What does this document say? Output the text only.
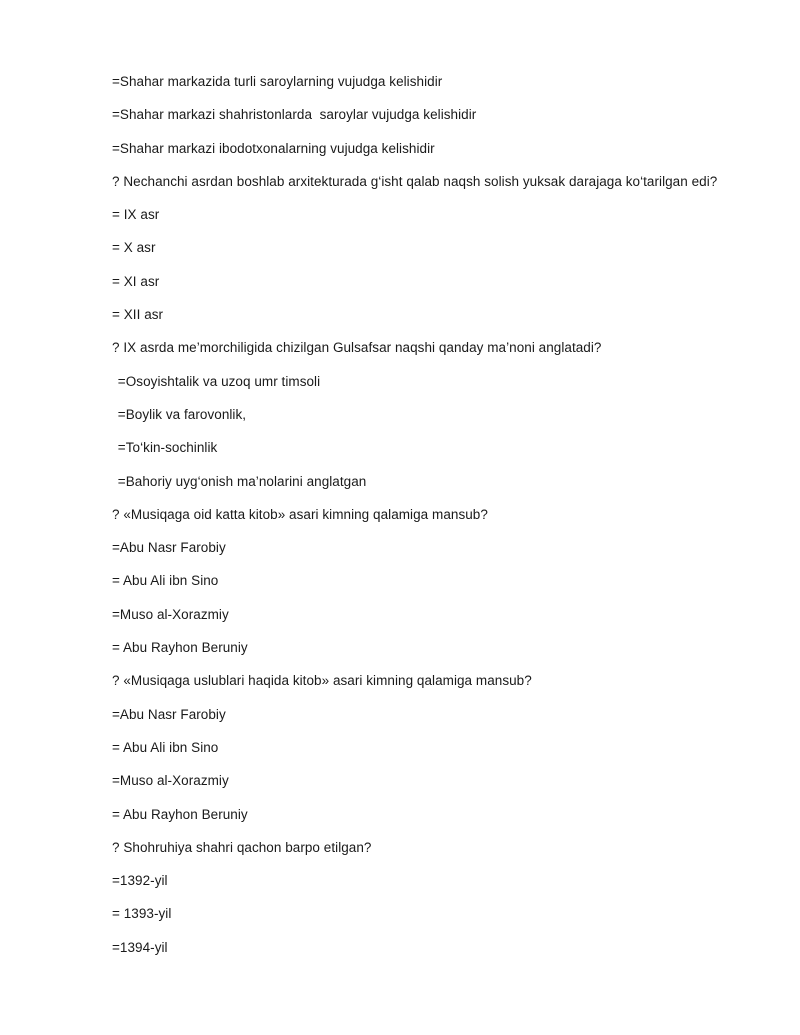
=Shahar markazida turli saroylarning vujudga kelishidir
=Shahar markazi shahristonlarda  saroylar vujudga kelishidir
=Shahar markazi ibodotxonalarning vujudga kelishidir
? Nechanchi asrdan boshlab arxitekturada g‘isht qalab naqsh solish yuksak darajaga ko‘tarilgan edi?
= IX asr
= X asr
= XI asr
= XII asr
? IX asrda me’morchiligida chizilgan Gulsafsar naqshi qanday ma’noni anglatadi?
=Osoyishtalik va uzoq umr timsoli
=Boylik va farovonlik,
=To‘kin-sochinlik
=Bahoriy uyg‘onish ma’nolarini anglatgan
? «Musiqaga oid katta kitob» asari kimning qalamiga mansub?
=Abu Nasr Farobiy
= Abu Ali ibn Sino
=Muso al-Xorazmiy
= Abu Rayhon Beruniy
? «Musiqaga uslublari haqida kitob» asari kimning qalamiga mansub?
=Abu Nasr Farobiy
= Abu Ali ibn Sino
=Muso al-Xorazmiy
= Abu Rayhon Beruniy
? Shohruhiya shahri qachon barpo etilgan?
=1392-yil
= 1393-yil
=1394-yil
